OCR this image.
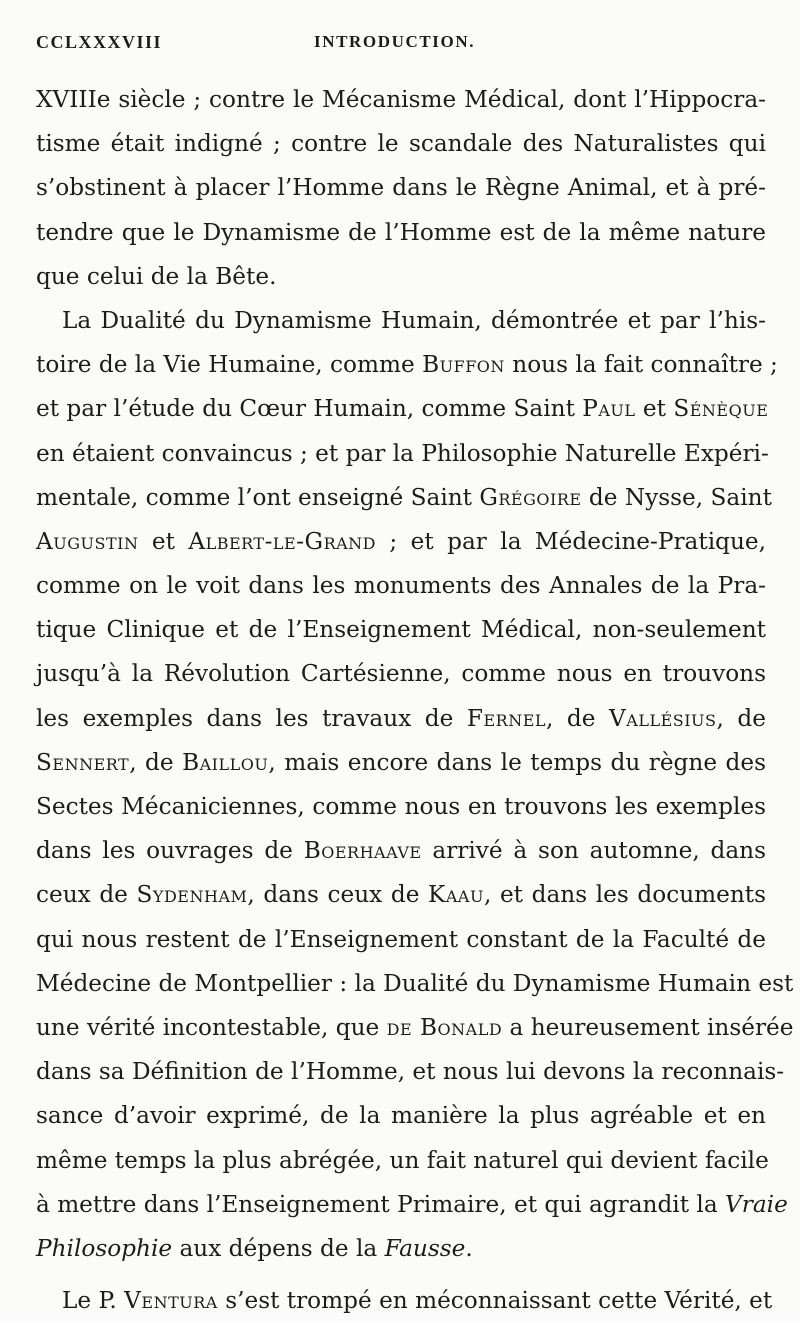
CCLXXXVIII	INTRODUCTION.
XVIIIe siècle ; contre le Mécanisme Médical, dont l’Hippocra-
tisme était indigné ; contre le scandale des Naturalistes qui
s’obstinent à placer l’Homme dans le Règne Animal, et à pré-
tendre que le Dynamisme de l’Homme est de la même nature
que celui de la Bête.
La Dualité du Dynamisme Humain, démontrée et par l’his-
toire de la Vie Humaine, comme Buffon nous la fait connaître ;
et par l’étude du Cœur Humain, comme Saint Paul et Sénèque
en étaient convaincus ; et par la Philosophie Naturelle Expéri-
mentale, comme l’ont enseigné Saint Grégoire de Nysse, Saint
Augustin et Albert-le-Grand ; et par la Médecine-Pratique,
comme on le voit dans les monuments des Annales de la Pra-
tique Clinique et de l’Enseignement Médical, non-seulement
jusqu’à la Révolution Cartésienne, comme nous en trouvons
les exemples dans les travaux de Fernel, de Vallésius, de
Sennert, de Baillou, mais encore dans le temps du règne des
Sectes Mécaniciennes, comme nous en trouvons les exemples
dans les ouvrages de Boerhaave arrivé à son automne, dans
ceux de Sydenham, dans ceux de Kaau, et dans les documents
qui nous restent de l’Enseignement constant de la Faculté de
Médecine de Montpellier : la Dualité du Dynamisme Humain est
une vérité incontestable, que de Bonald a heureusement insérée
dans sa Définition de l’Homme, et nous lui devons la reconnais-
sance d’avoir exprimé, de la manière la plus agréable et en
même temps la plus abrégée, un fait naturel qui devient facile
à mettre dans l’Enseignement Primaire, et qui agrandit la Vraie
Philosophie aux dépens de la Fausse.
Le P. Ventura s’est trompé en méconnaissant cette Vérité, et
